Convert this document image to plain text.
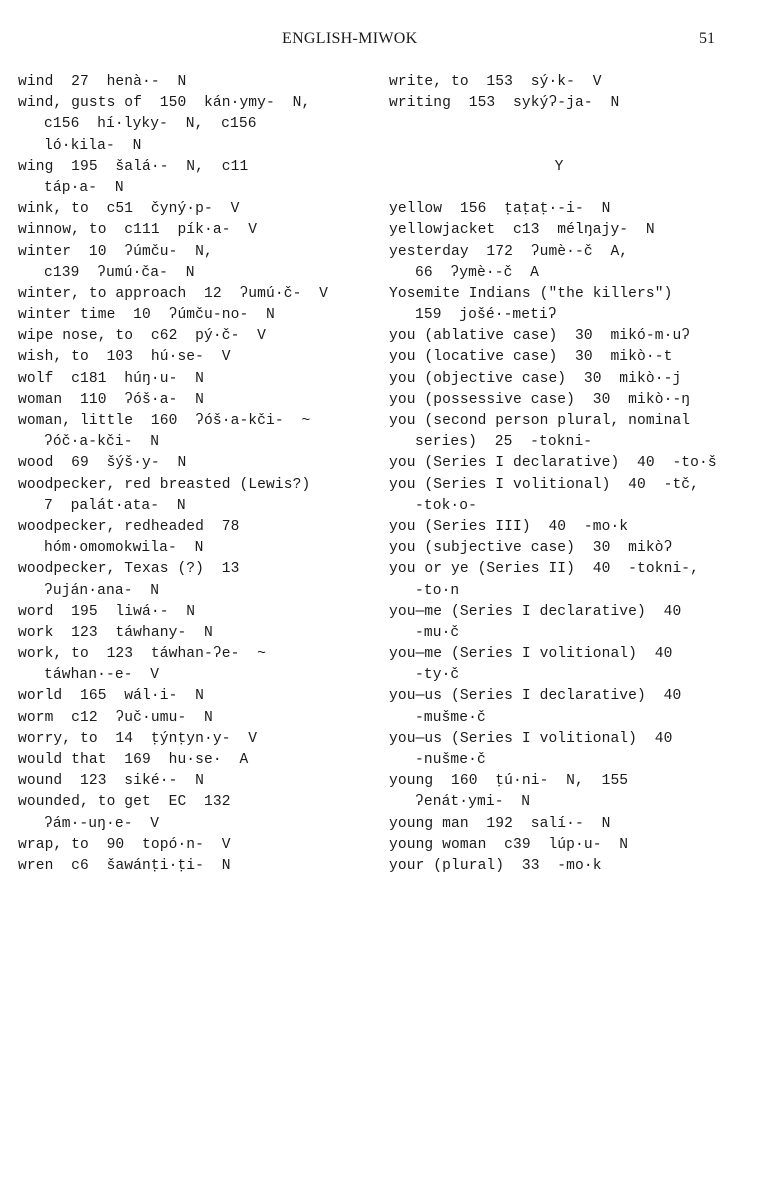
ENGLISH-MIWOK	51
wind  27  henà·-  N
wind, gusts of  150  kán·ymy-  N,
c156  hí·lyky-  N,  c156
ló·kila-  N
wing  195  šalá·-  N,  c11
táp·a-  N
wink, to  c51  čyný·p-  V
winnow, to  c111  pík·a-  V
winter  10  ʔúmču-  N,
c139  ʔumú·ča-  N
winter, to approach  12  ʔumú·č-  V
winter time  10  ʔúmču-no-  N
wipe nose, to  c62  pý·č-  V
wish, to  103  hú·se-  V
wolf  c181  húŋ·u-  N
woman  110  ʔóš·a-  N
woman, little  160  ʔóš·a-kči-  ~
ʔóč·a-kči-  N
wood  69  šýš·y-  N
woodpecker, red breasted (Lewis?)
7  palát·ata-  N
woodpecker, redheaded  78
hóm·omomokwila-  N
woodpecker, Texas (?)  13
ʔuján·ana-  N
word  195  liwá·-  N
work  123  táwhany-  N
work, to  123  táwhan-ʔe-  ~
táwhan·-e-  V
world  165  wál·i-  N
worm  c12  ʔuč·umu-  N
worry, to  14  ṭýnṭyn·y-  V
would that  169  hu·se·  A
wound  123  siké·-  N
wounded, to get  EC  132
ʔám·-uŋ·e-  V
wrap, to  90  topó·n-  V
wren  c6  šawánṭi·ṭi-  N
write, to  153  sý·k-  V
writing  153  sykýʔ-ja-  N
Y
yellow  156  ṭaṭaṭ·-i-  N
yellowjacket  c13  mélŋajy-  N
yesterday  172  ʔumè·-č  A,
66  ʔymè·-č  A
Yosemite Indians ("the killers")
159  jošé·-metiʔ
you (ablative case)  30  mikó-m·uʔ
you (locative case)  30  mikò·-t
you (objective case)  30  mikò·-j
you (possessive case)  30  mikò·-ŋ
you (second person plural, nominal
series)  25  -tokni-
you (Series I declarative)  40  -to·š
you (Series I volitional)  40  -tč,
-tok·o-
you (Series III)  40  -mo·k
you (subjective case)  30  mikòʔ
you or ye (Series II)  40  -tokni-,
-to·n
you—me (Series I declarative)  40
-mu·č
you—me (Series I volitional)  40
-ty·č
you—us (Series I declarative)  40
-mušme·č
you—us (Series I volitional)  40
-nušme·č
young  160  ṭú·ni-  N,  155
ʔenát·ymi-  N
young man  192  salí·-  N
young woman  c39  lúp·u-  N
your (plural)  33  -mo·k
